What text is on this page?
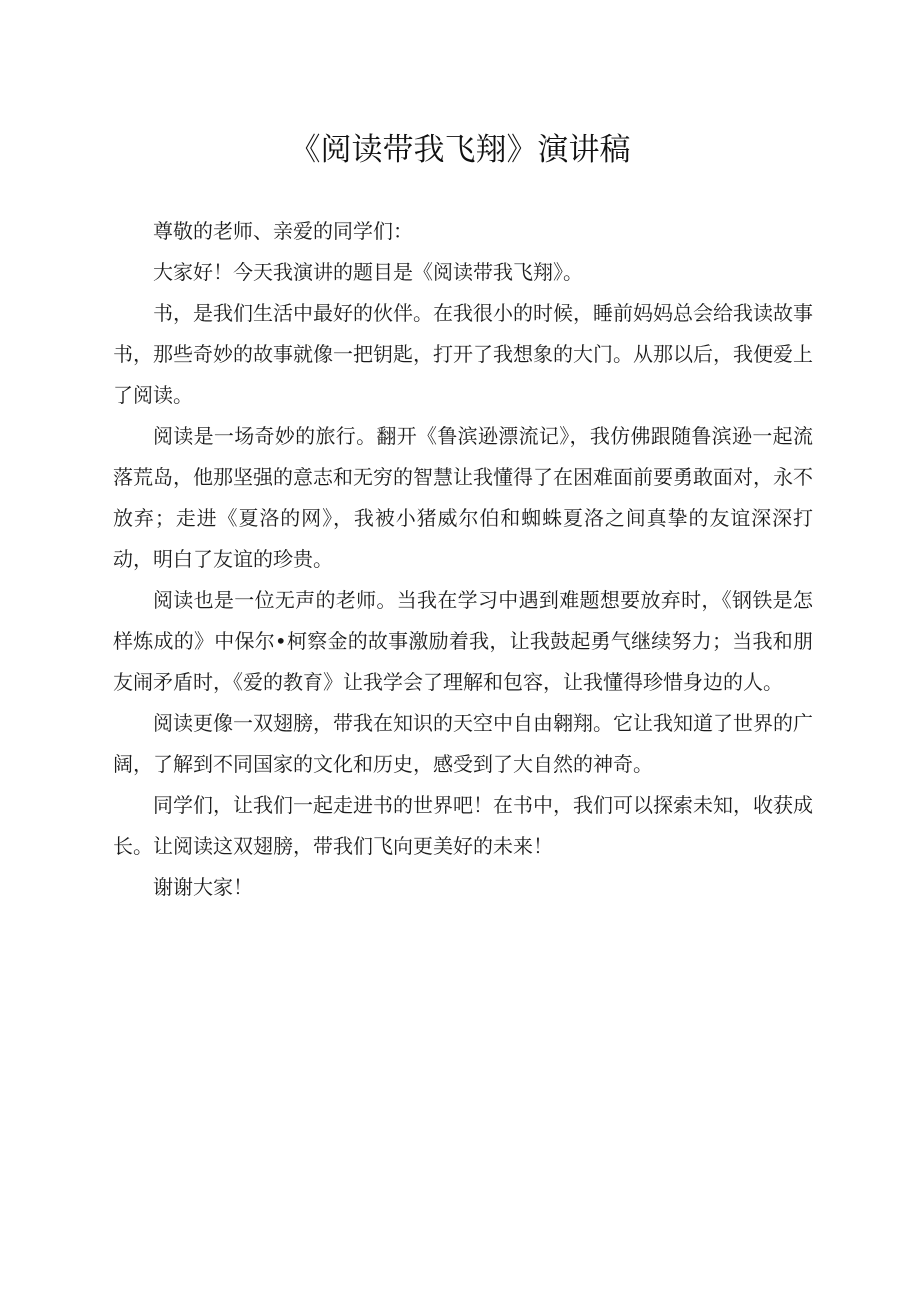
《阅读带我飞翔》演讲稿

尊敬的老师、亲爱的同学们：

大家好！今天我演讲的题目是《阅读带我飞翔》。

书，是我们生活中最好的伙伴。在我很小的时候，睡前妈妈总会给我读故事书，那些奇妙的故事就像一把钥匙，打开了我想象的大门。从那以后，我便爱上了阅读。

阅读是一场奇妙的旅行。翻开《鲁滨逊漂流记》，我仿佛跟随鲁滨逊一起流落荒岛，他那坚强的意志和无穷的智慧让我懂得了在困难面前要勇敢面对，永不放弃；走进《夏洛的网》，我被小猪威尔伯和蜘蛛夏洛之间真挚的友谊深深打动，明白了友谊的珍贵。

阅读也是一位无声的老师。当我在学习中遇到难题想要放弃时，《钢铁是怎样炼成的》中保尔•柯察金的故事激励着我，让我鼓起勇气继续努力；当我和朋友闹矛盾时，《爱的教育》让我学会了理解和包容，让我懂得珍惜身边的人。

阅读更像一双翅膀，带我在知识的天空中自由翱翔。它让我知道了世界的广阔，了解到不同国家的文化和历史，感受到了大自然的神奇。

同学们，让我们一起走进书的世界吧！在书中，我们可以探索未知，收获成长。让阅读这双翅膀，带我们飞向更美好的未来！

谢谢大家！
